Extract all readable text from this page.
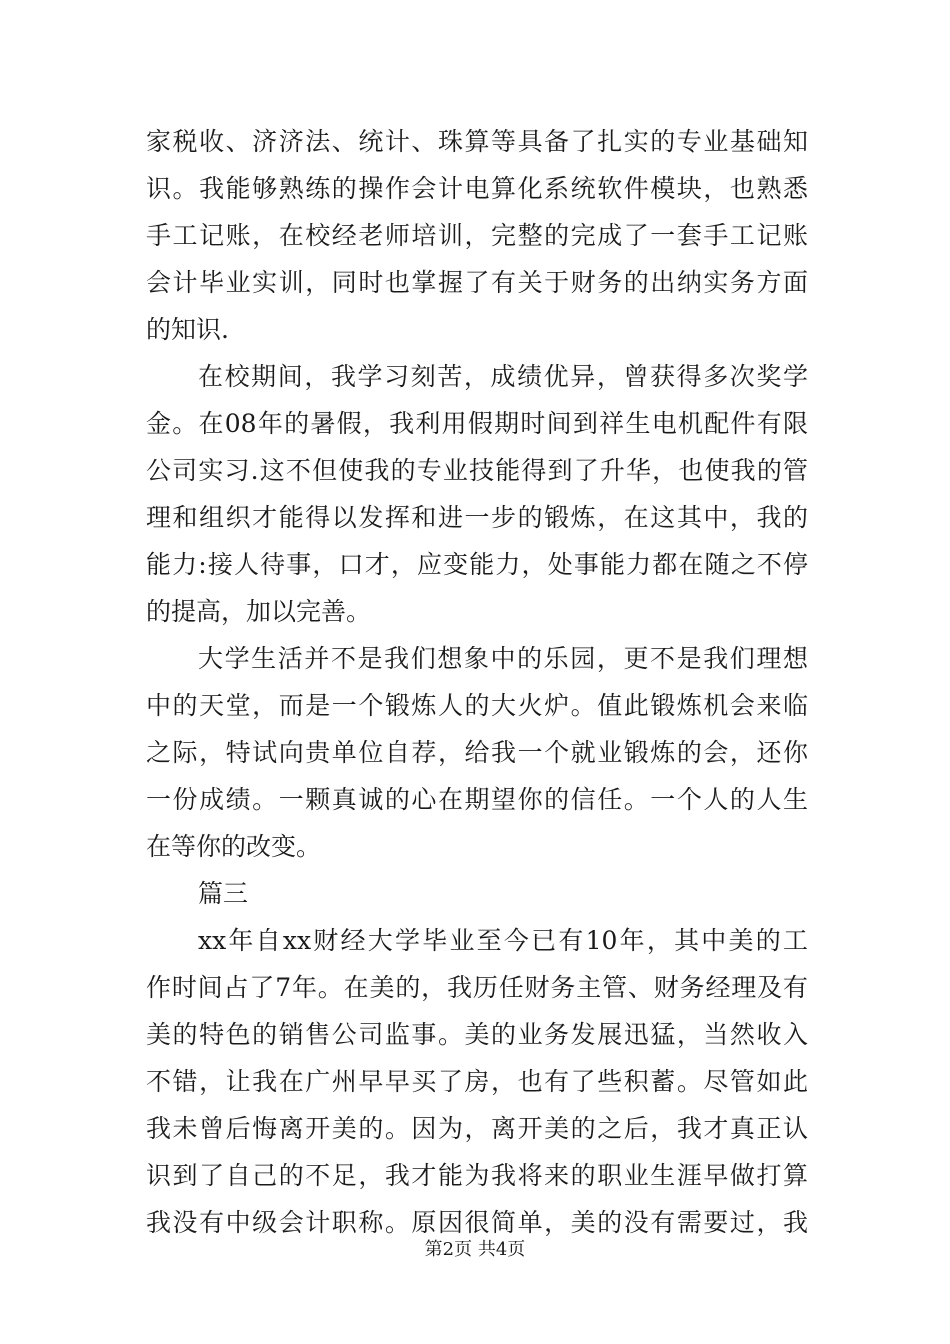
家税收、济济法、统计、珠算等具备了扎实的专业基础知
识。我能够熟练的操作会计电算化系统软件模块，也熟悉
手工记账，在校经老师培训，完整的完成了一套手工记账
会计毕业实训，同时也掌握了有关于财务的出纳实务方面
的知识.
在校期间，我学习刻苦，成绩优异，曾获得多次奖学
金。在08年的暑假，我利用假期时间到祥生电机配件有限
公司实习.这不但使我的专业技能得到了升华，也使我的管
理和组织才能得以发挥和进一步的锻炼，在这其中，我的
能力:接人待事，口才，应变能力，处事能力都在随之不停
的提高，加以完善。
大学生活并不是我们想象中的乐园，更不是我们理想
中的天堂，而是一个锻炼人的大火炉。值此锻炼机会来临
之际，特试向贵单位自荐，给我一个就业锻炼的会，还你
一份成绩。一颗真诚的心在期望你的信任。一个人的人生
在等你的改变。
篇三
xx年自xx财经大学毕业至今已有10年，其中美的工
作时间占了7年。在美的，我历任财务主管、财务经理及有
美的特色的销售公司监事。美的业务发展迅猛，当然收入
不错，让我在广州早早买了房，也有了些积蓄。尽管如此
我未曾后悔离开美的。因为，离开美的之后，我才真正认
识到了自己的不足，我才能为我将来的职业生涯早做打算
我没有中级会计职称。原因很简单，美的没有需要过，我
第2页 共4页
